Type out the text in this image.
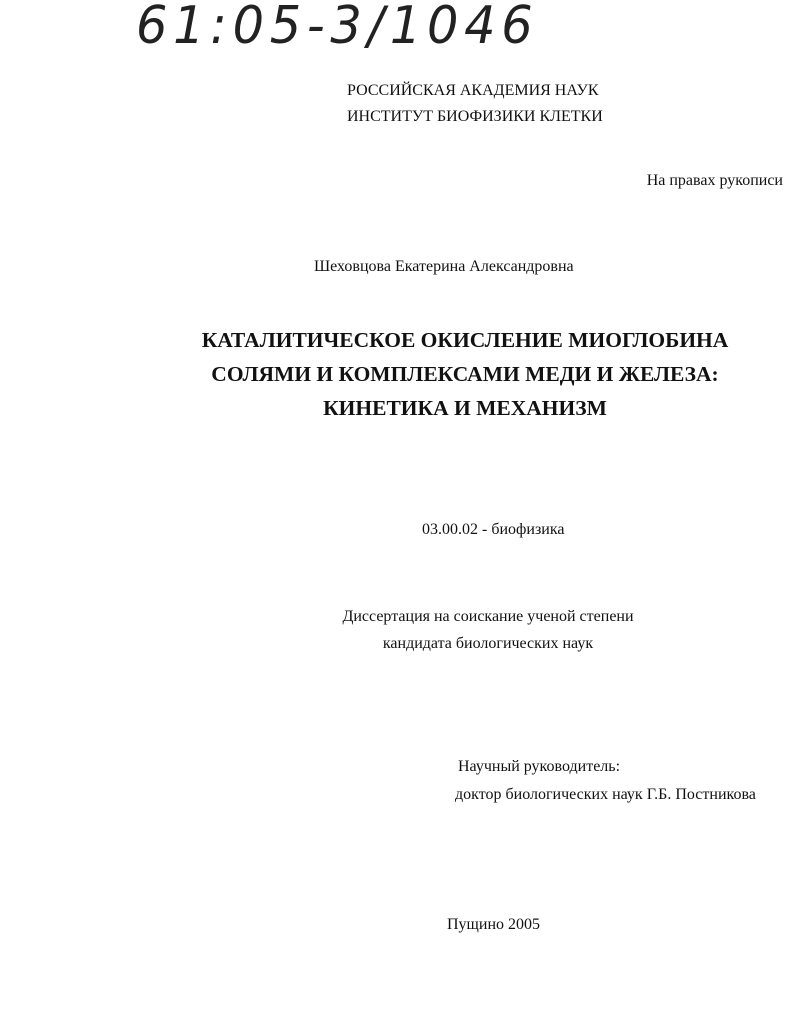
61:05-3/1046
РОССИЙСКАЯ АКАДЕМИЯ НАУК
ИНСТИТУТ БИОФИЗИКИ КЛЕТКИ
На правах рукописи
Шеховцова Екатерина Александровна
КАТАЛИТИЧЕСКОЕ ОКИСЛЕНИЕ МИОГЛОБИНА
СОЛЯМИ И КОМПЛЕКСАМИ МЕДИ И ЖЕЛЕЗА:
КИНЕТИКА И МЕХАНИЗМ
03.00.02 - биофизика
Диссертация на соискание ученой степени
кандидата биологических наук
Научный руководитель:
доктор биологических наук Г.Б. Постникова
Пущино 2005
